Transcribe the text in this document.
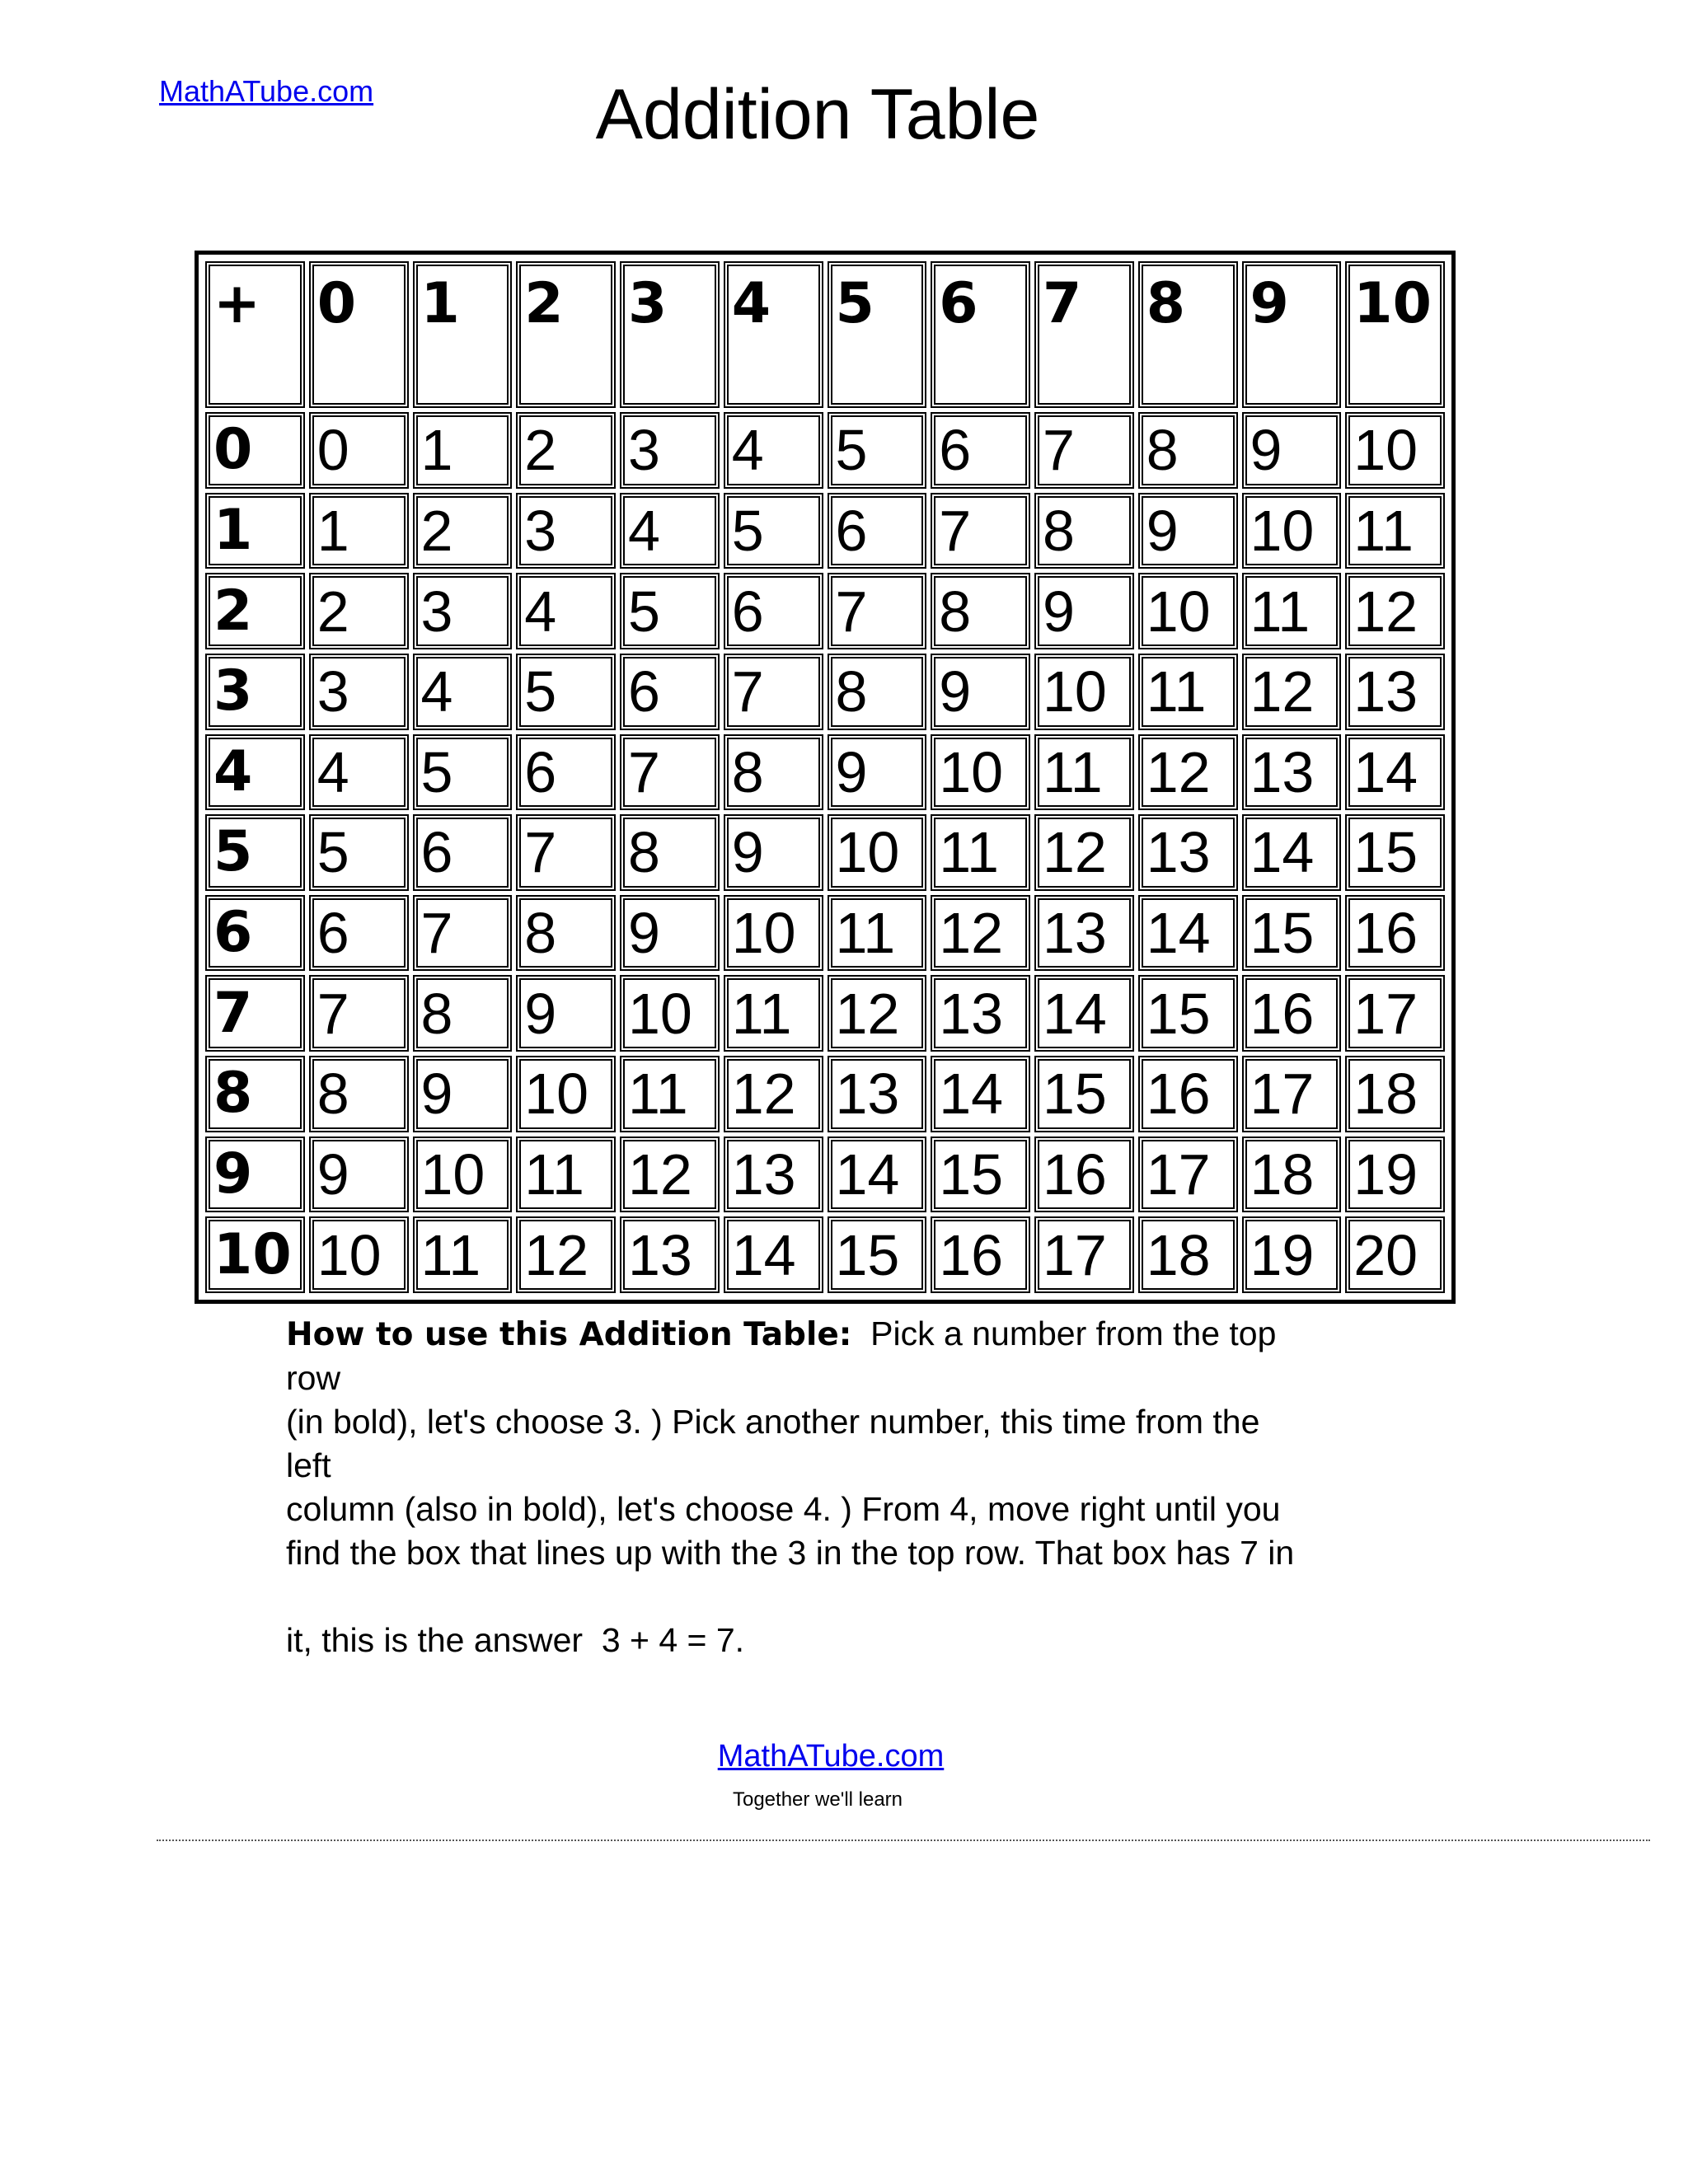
MathATube.com	Addition Table
+	0	1	2	3	4	5	6	7	8	9	10
0	0	1	2	3	4	5	6	7	8	9	10
1	1	2	3	4	5	6	7	8	9	10	11
2	2	3	4	5	6	7	8	9	10	11	12
3	3	4	5	6	7	8	9	10	11	12	13
4	4	5	6	7	8	9	10	11	12	13	14
5	5	6	7	8	9	10	11	12	13	14	15
6	6	7	8	9	10	11	12	13	14	15	16
7	7	8	9	10	11	12	13	14	15	16	17
8	8	9	10	11	12	13	14	15	16	17	18
9	9	10	11	12	13	14	15	16	17	18	19
10	10	11	12	13	14	15	16	17	18	19	20
How to use this Addition Table:  Pick a number from the top
row
(in bold), let's choose 3. ) Pick another number, this time from the
left
column (also in bold), let's choose 4. ) From 4, move right until you
find the box that lines up with the 3 in the top row. That box has 7 in
it, this is the answer  3 + 4 = 7.
MathATube.com
Together we'll learn
